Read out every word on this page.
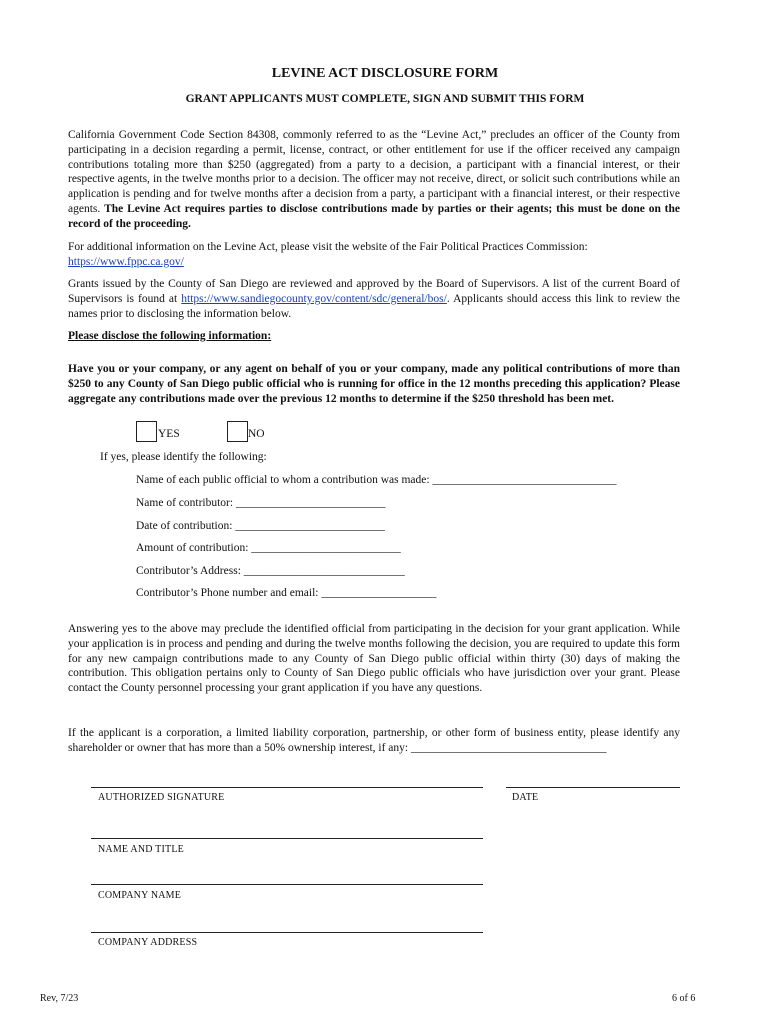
LEVINE ACT DISCLOSURE FORM
GRANT APPLICANTS MUST COMPLETE, SIGN AND SUBMIT THIS FORM
California Government Code Section 84308, commonly referred to as the “Levine Act,” precludes an officer of the County from participating in a decision regarding a permit, license, contract, or other entitlement for use if the officer received any campaign contributions totaling more than $250 (aggregated) from a party to a decision, a participant with a financial interest, or their respective agents, in the twelve months prior to a decision. The officer may not receive, direct, or solicit such contributions while an application is pending and for twelve months after a decision from a party, a participant with a financial interest, or their respective agents. The Levine Act requires parties to disclose contributions made by parties or their agents; this must be done on the record of the proceeding.
For additional information on the Levine Act, please visit the website of the Fair Political Practices Commission:
https://www.fppc.ca.gov/
Grants issued by the County of San Diego are reviewed and approved by the Board of Supervisors. A list of the current Board of Supervisors is found at https://www.sandiegocounty.gov/content/sdc/general/bos/. Applicants should access this link to review the names prior to disclosing the information below.
Please disclose the following information:
Have you or your company, or any agent on behalf of you or your company, made any political contributions of more than $250 to any County of San Diego public official who is running for office in the 12 months preceding this application? Please aggregate any contributions made over the previous 12 months to determine if the $250 threshold has been met.
YES	NO
If yes, please identify the following:
Name of each public official to whom a contribution was made: ________________________________
Name of contributor: __________________________
Date of contribution: __________________________
Amount of contribution: __________________________
Contributor’s Address: ____________________________
Contributor’s Phone number and email: ____________________
Answering yes to the above may preclude the identified official from participating in the decision for your grant application. While your application is in process and pending and during the twelve months following the decision, you are required to update this form for any new campaign contributions made to any County of San Diego public official within thirty (30) days of making the contribution. This obligation pertains only to County of San Diego public officials who have jurisdiction over your grant. Please contact the County personnel processing your grant application if you have any questions.
If the applicant is a corporation, a limited liability corporation, partnership, or other form of business entity, please identify any shareholder or owner that has more than a 50% ownership interest, if any: __________________________________
AUTHORIZED SIGNATURE	DATE
NAME AND TITLE
COMPANY NAME
COMPANY ADDRESS
Rev, 7/23	6 of 6
